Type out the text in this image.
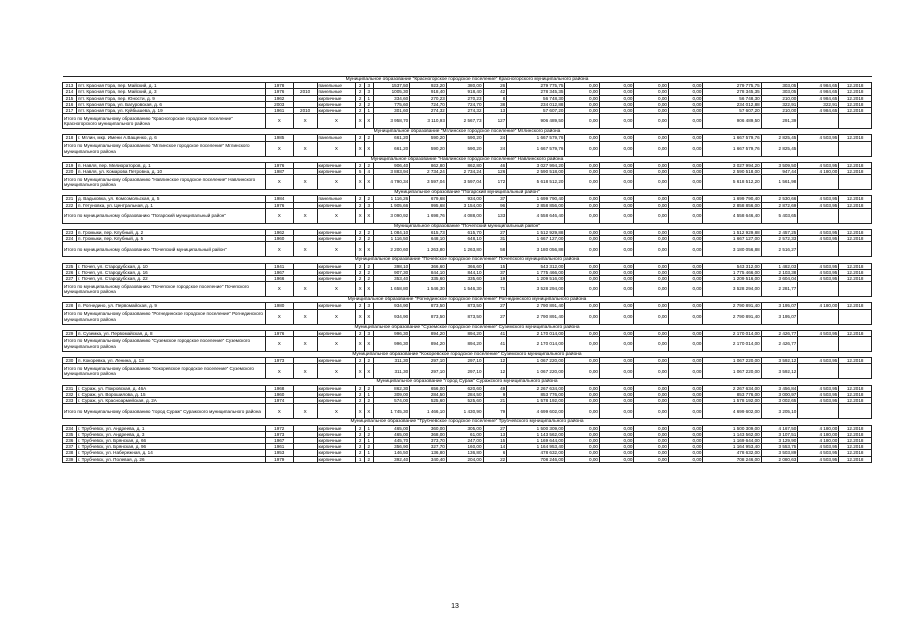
Муниципальное образование "Красногорское городское поселение" Красногорского муниципального района																			
213	пгт. Красная Гора, пер. Майский, д. 1	1978		панельные	2	3	1537,50	923,20	380,00	26	279 775,75	0,00	0,00	0,00	0,00	279 775,75	303,05	4 984,65	12.2018
214	пгт. Красная Гора, пер. Майский, д. 3	1976	2010	панельные	2	3	1005,30	918,40	918,40	42	278 345,35	0,00	0,00	0,00	0,00	278 345,35	303,05	4 984,65	12.2018
215	пгт. Красная Гора, пер. Юности, д. 9	1962		кирпичные	2	1	334,60	270,23	270,23	8	56 748,30	0,00	0,00	0,00	0,00	56 748,30	210,00	4 984,65	12.2018
216	пгт. Красная Гора, ул. Багуровская, д. 6	2003		кирпичные	2	2	775,60	724,70	724,70	38	234 012,88	0,00	0,00	0,00	0,00	234 012,88	322,91	322,91	12.2018
217	пгт. Красная Гора, ул. Куйбышева, д. 19	1961	2010	кирпичные	2	1	301,60	274,32	274,32	13	57 607,20	0,00	0,00	0,00	0,00	57 607,20	210,00	4 984,65	12.2018
Итого по Муниципальному образованию "Красногорское городское поселение" Красногорского муниципального района		X	X	X	X	X	3 958,70	3 110,93	2 567,73	127	906 489,50	0,00	0,00	0,00	0,00	906 489,50	291,39		
Муниципальное образование "Мглинское городское поселение" Мглинского района																			
218	г. Мглин, мкр. Имени А.Ващенко, д. 6	1985		панельные	2	2	661,20	590,20	590,20	24	1 667 579,76	0,00	0,00	0,00	0,00	1 667 579,76	2 825,45	4 503,95	12.2018
Итого по Муниципальному образованию "Мглинское городское поселение" Мглинского муниципального района		X	X	X	X	X	661,20	590,20	590,20	24	1 667 579,76	0,00	0,00	0,00	0,00	1 667 579,76	2 825,45		
Муниципальное образование "Навлинское городское поселение" Навлинского района																			
219	п. Навля, пер. Мелиораторов, д. 1	1976		кирпичные	2	2	906,40	862,80	862,80	46	3 027 994,20	0,00	0,00	0,00	0,00	3 027 994,20	3 509,50	4 503,95	12.2018
220	п. Навля, ул. Комарова Петровна, д. 10	1987		кирпичные	5	4	3 883,94	2 734,24	2 734,24	126	2 590 518,00	0,00	0,00	0,00	0,00	2 590 518,00	947,44	4 180,00	12.2018
Итого по Муниципальному образованию "Навлинское городское поселение" Навлинского муниципального района		X	X	X	X	X	4 790,34	3 597,04	3 597,04	172	5 618 512,20	0,00	0,00	0,00	0,00	5 618 512,20	1 561,98		
Муниципальное образование "Погарский муниципальный район"																			
221	д. Вадьковка, ул. Комсомольская, д. 5	1984		панельные	2	2	1 116,26	679,68	934,00	37	1 699 790,40	0,00	0,00	0,00	0,00	1 699 790,40	2 530,66	4 503,95	12.2018
222	п. Гетуновка, ул. Центральная, д. 1	1976		кирпичные	2	3	1 905,66	995,68	3 154,00	96	2 858 856,00	0,00	0,00	0,00	0,00	2 858 856,00	2 872,69	4 503,95	12.2018
Итого по муниципальному образованию "Погарский муниципальный район"		X	X	X	X	X	3 090,92	1 698,76	4 088,00	133	4 558 646,40	0,00	0,00	0,00	0,00	4 558 646,40	5 403,65		
Муниципальное образование "Почепский муниципальный район"																			
223	п. Громыки, пер. Клубный, д. 2	1962		кирпичные	2	2	1 084,10	615,73	615,70	27	1 512 929,88	0,00	0,00	0,00	0,00	1 512 929,88	2 457,25	4 503,95	12.2018
224	п. Громыки, пер. Клубный, д. 5	1960		кирпичные	2	2	1 116,50	648,10	648,10	31	1 667 127,00	0,00	0,00	0,00	0,00	1 667 127,00	2 572,33	4 503,95	12.2018
Итого по муниципальному образованию "Почепский муниципальный район"		X	X	X	X	X	2 200,60	1 263,80	1 263,80	58	3 180 056,88	0,00	0,00	0,00	0,00	3 180 056,88	2 516,27		
Муниципальное образование "Почепское городское поселение" Почепского муниципального района																			
225	г. Почеп, ул. Стародубская, д. 10	1941		кирпичные	2	2	398,10	366,60	366,60	15	543 312,00	0,00	0,00	0,00	0,00	543 312,00	1 482,03	4 503,95	12.2018
226	г. Почеп, ул. Стародубская, д. 16	1967		кирпичные	2	2	907,30	844,10	844,10	37	1 775 466,00	0,00	0,00	0,00	0,00	1 775 466,00	2 103,38	4 503,95	12.2018
227	г. Почеп, ул. Стародубская, д. 22	1966		кирпичные	2	2	353,40	335,60	335,60	19	1 209 516,00	0,00	0,00	0,00	0,00	1 209 516,00	3 604,04	4 503,95	12.2018
Итого по муниципальному образованию "Почепское городское поселение" Почепского муниципального района		X	X	X	X	X	1 658,80	1 546,30	1 546,30	71	3 528 294,00	0,00	0,00	0,00	0,00	3 528 294,00	2 281,77		
Муниципальное образование "Рогнединское городское поселение" Рогнединского муниципального района																			
228	п. Рогнедино, ул. Первомайская, д. 9	1980		кирпичные	2	3	934,90	873,50	873,50	27	2 790 891,40	0,00	0,00	0,00	0,00	2 790 891,40	3 195,07	4 180,00	12.2018
Итого по Муниципальному образованию "Рогнединское городское поселение" Рогнединского муниципального района		X	X	X	X	X	934,90	873,50	873,50	27	2 790 891,40	0,00	0,00	0,00	0,00	2 790 891,40	3 195,07		
Муниципальное образование "Суземское городское поселение" Суземского муниципального района																			
229	п. Суземка, ул. Первомайская, д. 8	1976		кирпичные	2	3	996,30	894,20	894,20	41	2 170 014,00	0,00	0,00	0,00	0,00	2 170 014,00	2 426,77	4 503,95	12.2018
Итого по Муниципальному образованию "Суземское городское поселение" Суземского муниципального района		X	X	X	X	X	996,30	894,20	894,20	41	2 170 014,00	0,00	0,00	0,00	0,00	2 170 014,00	2 426,77		
Муниципальное образование "Кокоревское городское поселение" Суземского муниципального района																			
230	п. Кокоревка, ул. Ленина, д. 13	1973		кирпичные	2	2	311,30	297,10	297,10	12	1 067 220,00	0,00	0,00	0,00	0,00	1 067 220,00	3 592,12	4 503,95	12.2018
Итого по Муниципальному образованию "Кокоревское городское поселение" Суземского муниципального района		X	X	X	X	X	311,30	297,10	297,10	12	1 067 220,00	0,00	0,00	0,00	0,00	1 067 220,00	3 592,12		
Муниципальное образование "город Сураж" Суражского муниципального района																			
231	г. Сураж, ул. Покровская, д. 46А	1968		кирпичные	2	2	862,30	656,00	620,60	49	2 267 634,00	0,00	0,00	0,00	0,00	2 267 634,00	3 456,84	4 503,95	12.2018
232	г. Сураж, ул. Ворошилова, д. 15	1960		кирпичные	2	1	309,00	284,50	284,50	9	853 776,00	0,00	0,00	0,00	0,00	853 776,00	3 000,97	4 503,95	12.2018
233	г. Сураж, ул. Красноармейская, д. 2А	1974		кирпичные	2	2	574,00	525,60	525,60	21	1 578 192,00	0,00	0,00	0,00	0,00	1 578 192,00	3 002,65	4 503,95	12.2018
Итого по Муниципальному образованию "город Сураж" Суражского муниципального района		X	X	X	X	X	1 745,30	1 466,10	1 430,90	79	4 699 602,00	0,00	0,00	0,00	0,00	4 699 602,00	3 205,10		
Муниципальное образование "Трубчевское городское поселение" Трубчевского муниципального района																			
234	г. Трубчевск, ул. Андреева, д. 1	1972		кирпичные	2	1	465,00	360,00	305,00	27	1 500 309,00	0,00	0,00	0,00	0,00	1 500 309,00	4 167,50	4 180,00	12.2018
235	г. Трубчевск, ул. Андреева, д. 3	1973		кирпичные	2	2	465,00	368,00	61,00	13	1 143 562,00	0,00	0,00	0,00	0,00	1 143 562,00	3 107,51	4 180,00	12.2018
236	г. Трубчевск, ул. Брянская, д. 66	1967		кирпичные	2	1	445,70	373,70	247,00	15	1 169 644,00	0,00	0,00	0,00	0,00	1 169 644,00	3 129,90	4 180,00	12.2018
237	г. Трубчевск, ул. Брянская, д. 96	1961		кирпичные	2	2	356,90	327,70	160,00	14	1 164 953,40	0,00	0,00	0,00	0,00	1 164 953,40	3 553,75	4 503,95	12.2018
238	г. Трубчевск, ул. Набережная, д. 14	1953		кирпичные	2	1	146,50	136,80	136,80	6	478 632,00	0,00	0,00	0,00	0,00	478 632,00	3 503,89	4 503,95	12.2018
239	г. Трубчевск, ул. Полевая, д. 26	1979		кирпичные	1	2	392,40	340,40	204,00	22	708 246,00	0,00	0,00	0,00	0,00	708 246,00	2 080,63	4 503,95	12.2018
13
